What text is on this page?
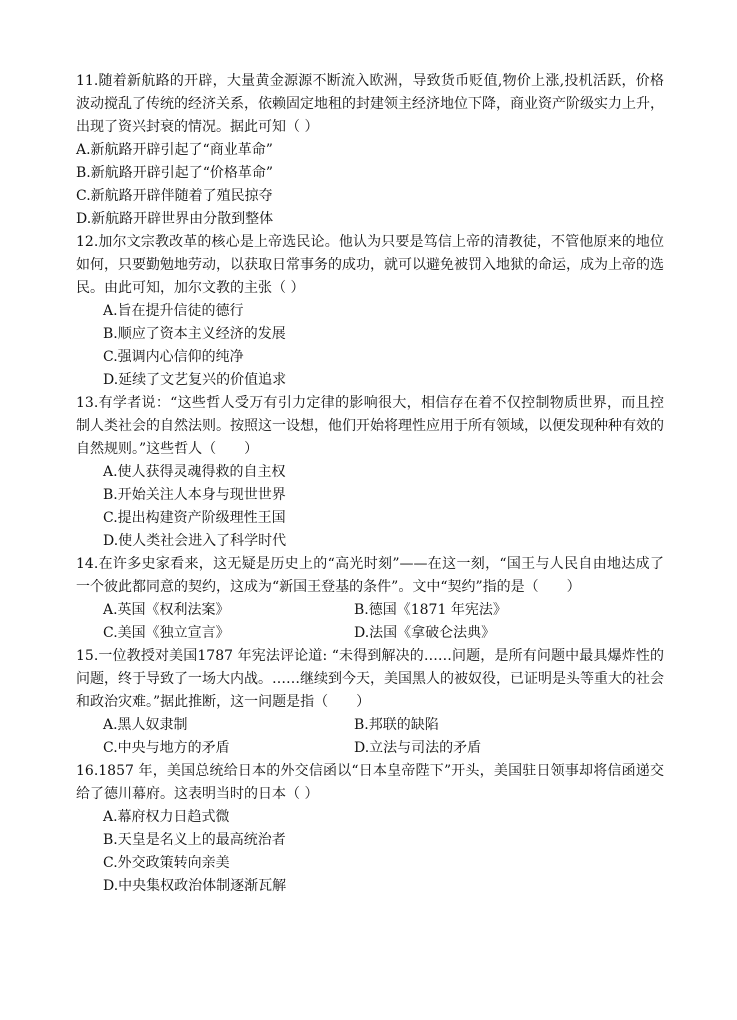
11.随着新航路的开辟，大量黄金源源不断流入欧洲，导致货币贬值,物价上涨,投机活跃，价格波动搅乱了传统的经济关系，依赖固定地租的封建领主经济地位下降，商业资产阶级实力上升，出现了资兴封衰的情况。据此可知（ ）

A.新航路开辟引起了“商业革命”
B.新航路开辟引起了“价格革命”
C.新航路开辟伴随着了殖民掠夺
D.新航路开辟世界由分散到整体

12.加尔文宗教改革的核心是上帝选民论。他认为只要是笃信上帝的清教徒，不管他原来的地位如何，只要勤勉地劳动，以获取日常事务的成功，就可以避免被罚入地狱的命运，成为上帝的选民。由此可知，加尔文教的主张（ ）

A.旨在提升信徒的德行
B.顺应了资本主义经济的发展
C.强调内心信仰的纯净
D.延续了文艺复兴的价值追求

13.有学者说：“这些哲人受万有引力定律的影响很大，相信存在着不仅控制物质世界，而且控制人类社会的自然法则。按照这一设想，他们开始将理性应用于所有领域，以便发现种种有效的自然规则。”这些哲人（　　）

A.使人获得灵魂得救的自主权
B.开始关注人本身与现世世界
C.提出构建资产阶级理性王国
D.使人类社会进入了科学时代

14.在许多史家看来，这无疑是历史上的“高光时刻”——在这一刻，“国王与人民自由地达成了一个彼此都同意的契约，这成为“新国王登基的条件”。文中“契约”指的是（　　）

A.英国《权利法案》	B.德国《1871 年宪法》
C.美国《独立宣言》	D.法国《拿破仑法典》

15.一位教授对美国1787 年宪法评论道: “未得到解决的……问题，是所有问题中最具爆炸性的问题，终于导致了一场大内战。……继续到今天，美国黑人的被奴役，已证明是头等重大的社会和政治灾难。”据此推断，这一问题是指（　　）

A.黑人奴隶制	B.邦联的缺陷
C.中央与地方的矛盾	D.立法与司法的矛盾

16.1857 年，美国总统给日本的外交信函以“日本皇帝陛下”开头，美国驻日领事却将信函递交给了德川幕府。这表明当时的日本（ ）

A.幕府权力日趋式微
B.天皇是名义上的最高统治者
C.外交政策转向亲美
D.中央集权政治体制逐渐瓦解
